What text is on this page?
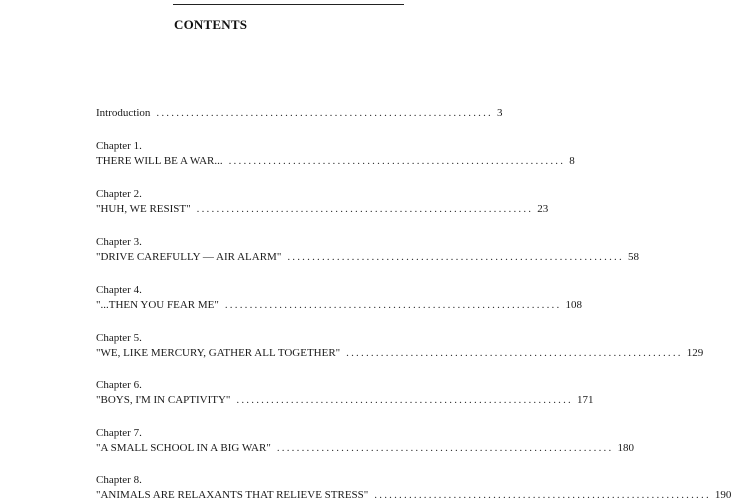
CONTENTS
Introduction .................................................................... 3
Chapter 1.
THERE WILL BE A WAR... .................................................................... 8
Chapter 2.
"HUH, WE RESIST" .................................................................... 23
Chapter 3.
"DRIVE CAREFULLY — AIR ALARM" .................................................................... 58
Chapter 4.
"...THEN YOU FEAR ME" .................................................................... 108
Chapter 5.
"WE, LIKE MERCURY, GATHER ALL TOGETHER" .................................................................... 129
Chapter 6.
"BOYS, I'M IN CAPTIVITY" .................................................................... 171
Chapter 7.
"A SMALL SCHOOL IN A BIG WAR" .................................................................... 180
Chapter 8.
"ANIMALS ARE RELAXANTS THAT RELIEVE STRESS" .................................................................... 190
